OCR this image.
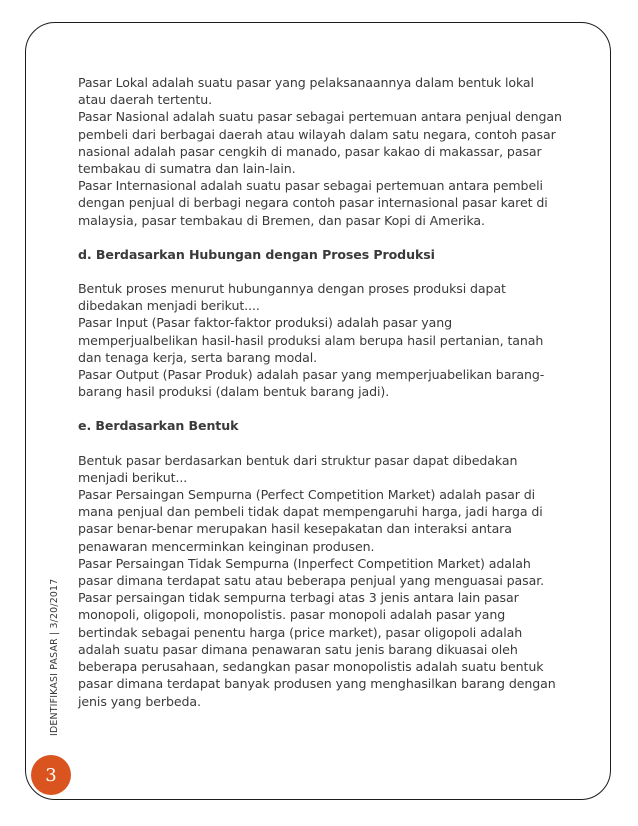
Pasar Lokal adalah suatu pasar yang pelaksanaannya dalam bentuk lokal atau daerah tertentu.

Pasar Nasional adalah suatu pasar sebagai pertemuan antara penjual dengan pembeli dari berbagai daerah atau wilayah dalam satu negara, contoh pasar nasional adalah pasar cengkih di manado, pasar kakao di makassar, pasar tembakau di sumatra dan lain-lain.

Pasar Internasional adalah suatu pasar sebagai pertemuan antara pembeli dengan penjual di berbagi negara contoh pasar internasional pasar karet di malaysia, pasar tembakau di Bremen, dan pasar Kopi di Amerika.

d. Berdasarkan Hubungan dengan Proses Produksi

Bentuk proses menurut hubungannya dengan proses produksi dapat dibedakan menjadi berikut....

Pasar Input (Pasar faktor-faktor produksi) adalah pasar yang memperjualbelikan hasil-hasil produksi alam berupa hasil pertanian, tanah dan tenaga kerja, serta barang modal.

Pasar Output (Pasar Produk) adalah pasar yang memperjuabelikan barang-barang hasil produksi (dalam bentuk barang jadi).

e. Berdasarkan Bentuk

Bentuk pasar berdasarkan bentuk dari struktur pasar dapat dibedakan menjadi berikut...

Pasar Persaingan Sempurna (Perfect Competition Market) adalah pasar di mana penjual dan pembeli tidak dapat mempengaruhi harga, jadi harga di pasar benar-benar merupakan hasil kesepakatan dan interaksi antara penawaran mencerminkan keinginan produsen.

Pasar Persaingan Tidak Sempurna (Inperfect Competition Market) adalah pasar dimana terdapat satu atau beberapa penjual yang menguasai pasar. Pasar persaingan tidak sempurna terbagi atas 3 jenis antara lain pasar monopoli, oligopoli, monopolistis. pasar monopoli adalah pasar yang bertindak sebagai penentu harga (price market), pasar oligopoli adalah adalah suatu pasar dimana penawaran satu jenis barang dikuasai oleh beberapa perusahaan, sedangkan pasar monopolistis adalah suatu bentuk pasar dimana terdapat banyak produsen yang menghasilkan barang dengan jenis yang berbeda.

IDENTIFIKASI PASAR | 3/20/2017
3
